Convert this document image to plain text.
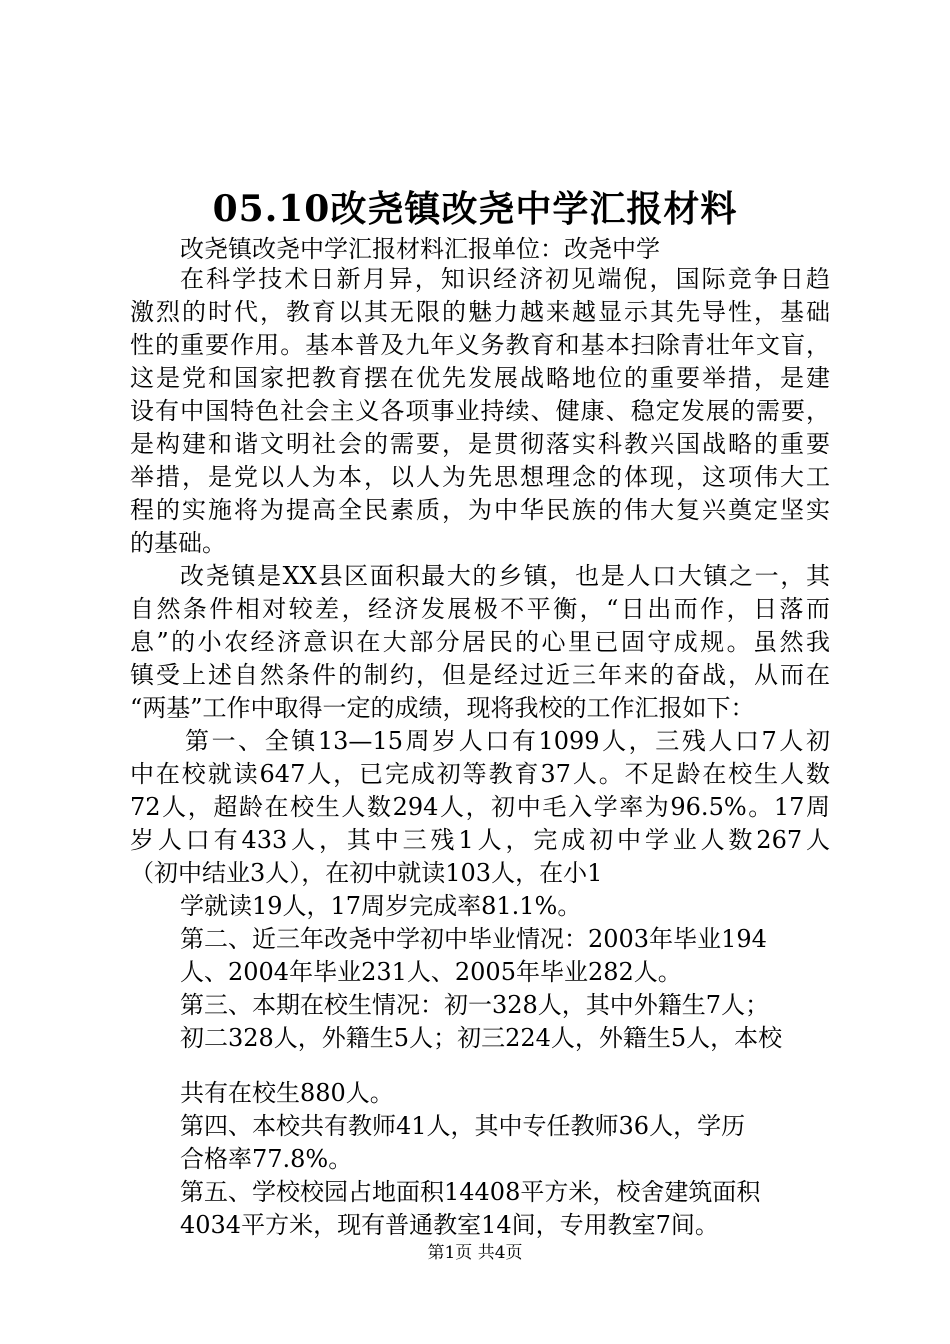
05.10改尧镇改尧中学汇报材料
改尧镇改尧中学汇报材料汇报单位：改尧中学
在科学技术日新月异，知识经济初见端倪，国际竞争日趋
激烈的时代，教育以其无限的魅力越来越显示其先导性，基础
性的重要作用。基本普及九年义务教育和基本扫除青壮年文盲，
这是党和国家把教育摆在优先发展战略地位的重要举措，是建
设有中国特色社会主义各项事业持续、健康、稳定发展的需要，
是构建和谐文明社会的需要，是贯彻落实科教兴国战略的重要
举措，是党以人为本，以人为先思想理念的体现，这项伟大工
程的实施将为提高全民素质，为中华民族的伟大复兴奠定坚实
的基础。
改尧镇是XX县区面积最大的乡镇，也是人口大镇之一，其
自然条件相对较差，经济发展极不平衡，“日出而作，日落而
息”的小农经济意识在大部分居民的心里已固守成规。虽然我
镇受上述自然条件的制约，但是经过近三年来的奋战，从而在
“两基”工作中取得一定的成绩，现将我校的工作汇报如下：
第一、全镇13—15周岁人口有1099人，三残人口7人初
中在校就读647人，已完成初等教育37人。不足龄在校生人数
72人，超龄在校生人数294人，初中毛入学率为96.5%。17周
岁人口有433人，其中三残1人，完成初中学业人数267人
（初中结业3人），在初中就读103人，在小1
学就读19人，17周岁完成率81.1%。
第二、近三年改尧中学初中毕业情况：2003年毕业194
人、2004年毕业231人、2005年毕业282人。
第三、本期在校生情况：初一328人，其中外籍生7人；
初二328人，外籍生5人；初三224人，外籍生5人，本校
共有在校生880人。
第四、本校共有教师41人，其中专任教师36人，学历
合格率77.8%。
第五、学校校园占地面积14408平方米，校舍建筑面积
4034平方米，现有普通教室14间，专用教室7间。
第1页 共4页
